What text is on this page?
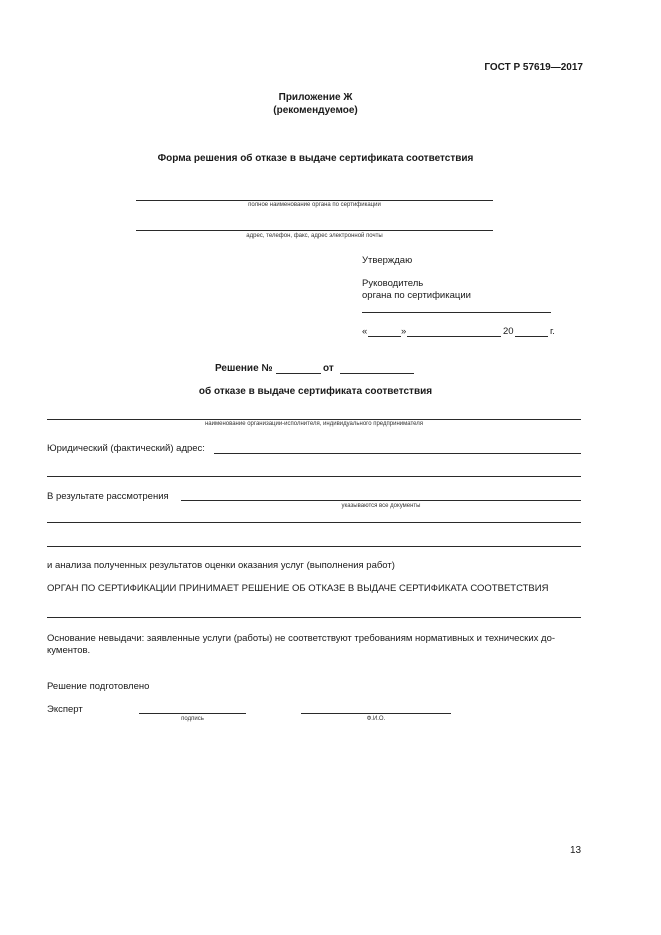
ГОСТ Р 57619—2017
Приложение Ж
(рекомендуемое)
Форма решения об отказе в выдаче сертификата соответствия
полное наименование органа по сертификации
адрес, телефон, факс, адрес электронной почты
Утверждаю
Руководитель
органа по сертификации
«	»	20	г.
Решение №	от
об отказе в выдаче сертификата соответствия
наименование организации-исполнителя, индивидуального предпринимателя
Юридический (фактический) адрес:
В результате рассмотрения
указываются все документы
и анализа полученных результатов оценки оказания услуг (выполнения работ)
ОРГАН ПО СЕРТИФИКАЦИИ ПРИНИМАЕТ РЕШЕНИЕ ОБ ОТКАЗЕ В ВЫДАЧЕ СЕРТИФИКАТА СООТВЕТСТВИЯ
Основание невыдачи: заявленные услуги (работы) не соответствуют требованиям нормативных и технических до-
кументов.
Решение подготовлено
Эксперт
подпись	Ф.И.О.
13
